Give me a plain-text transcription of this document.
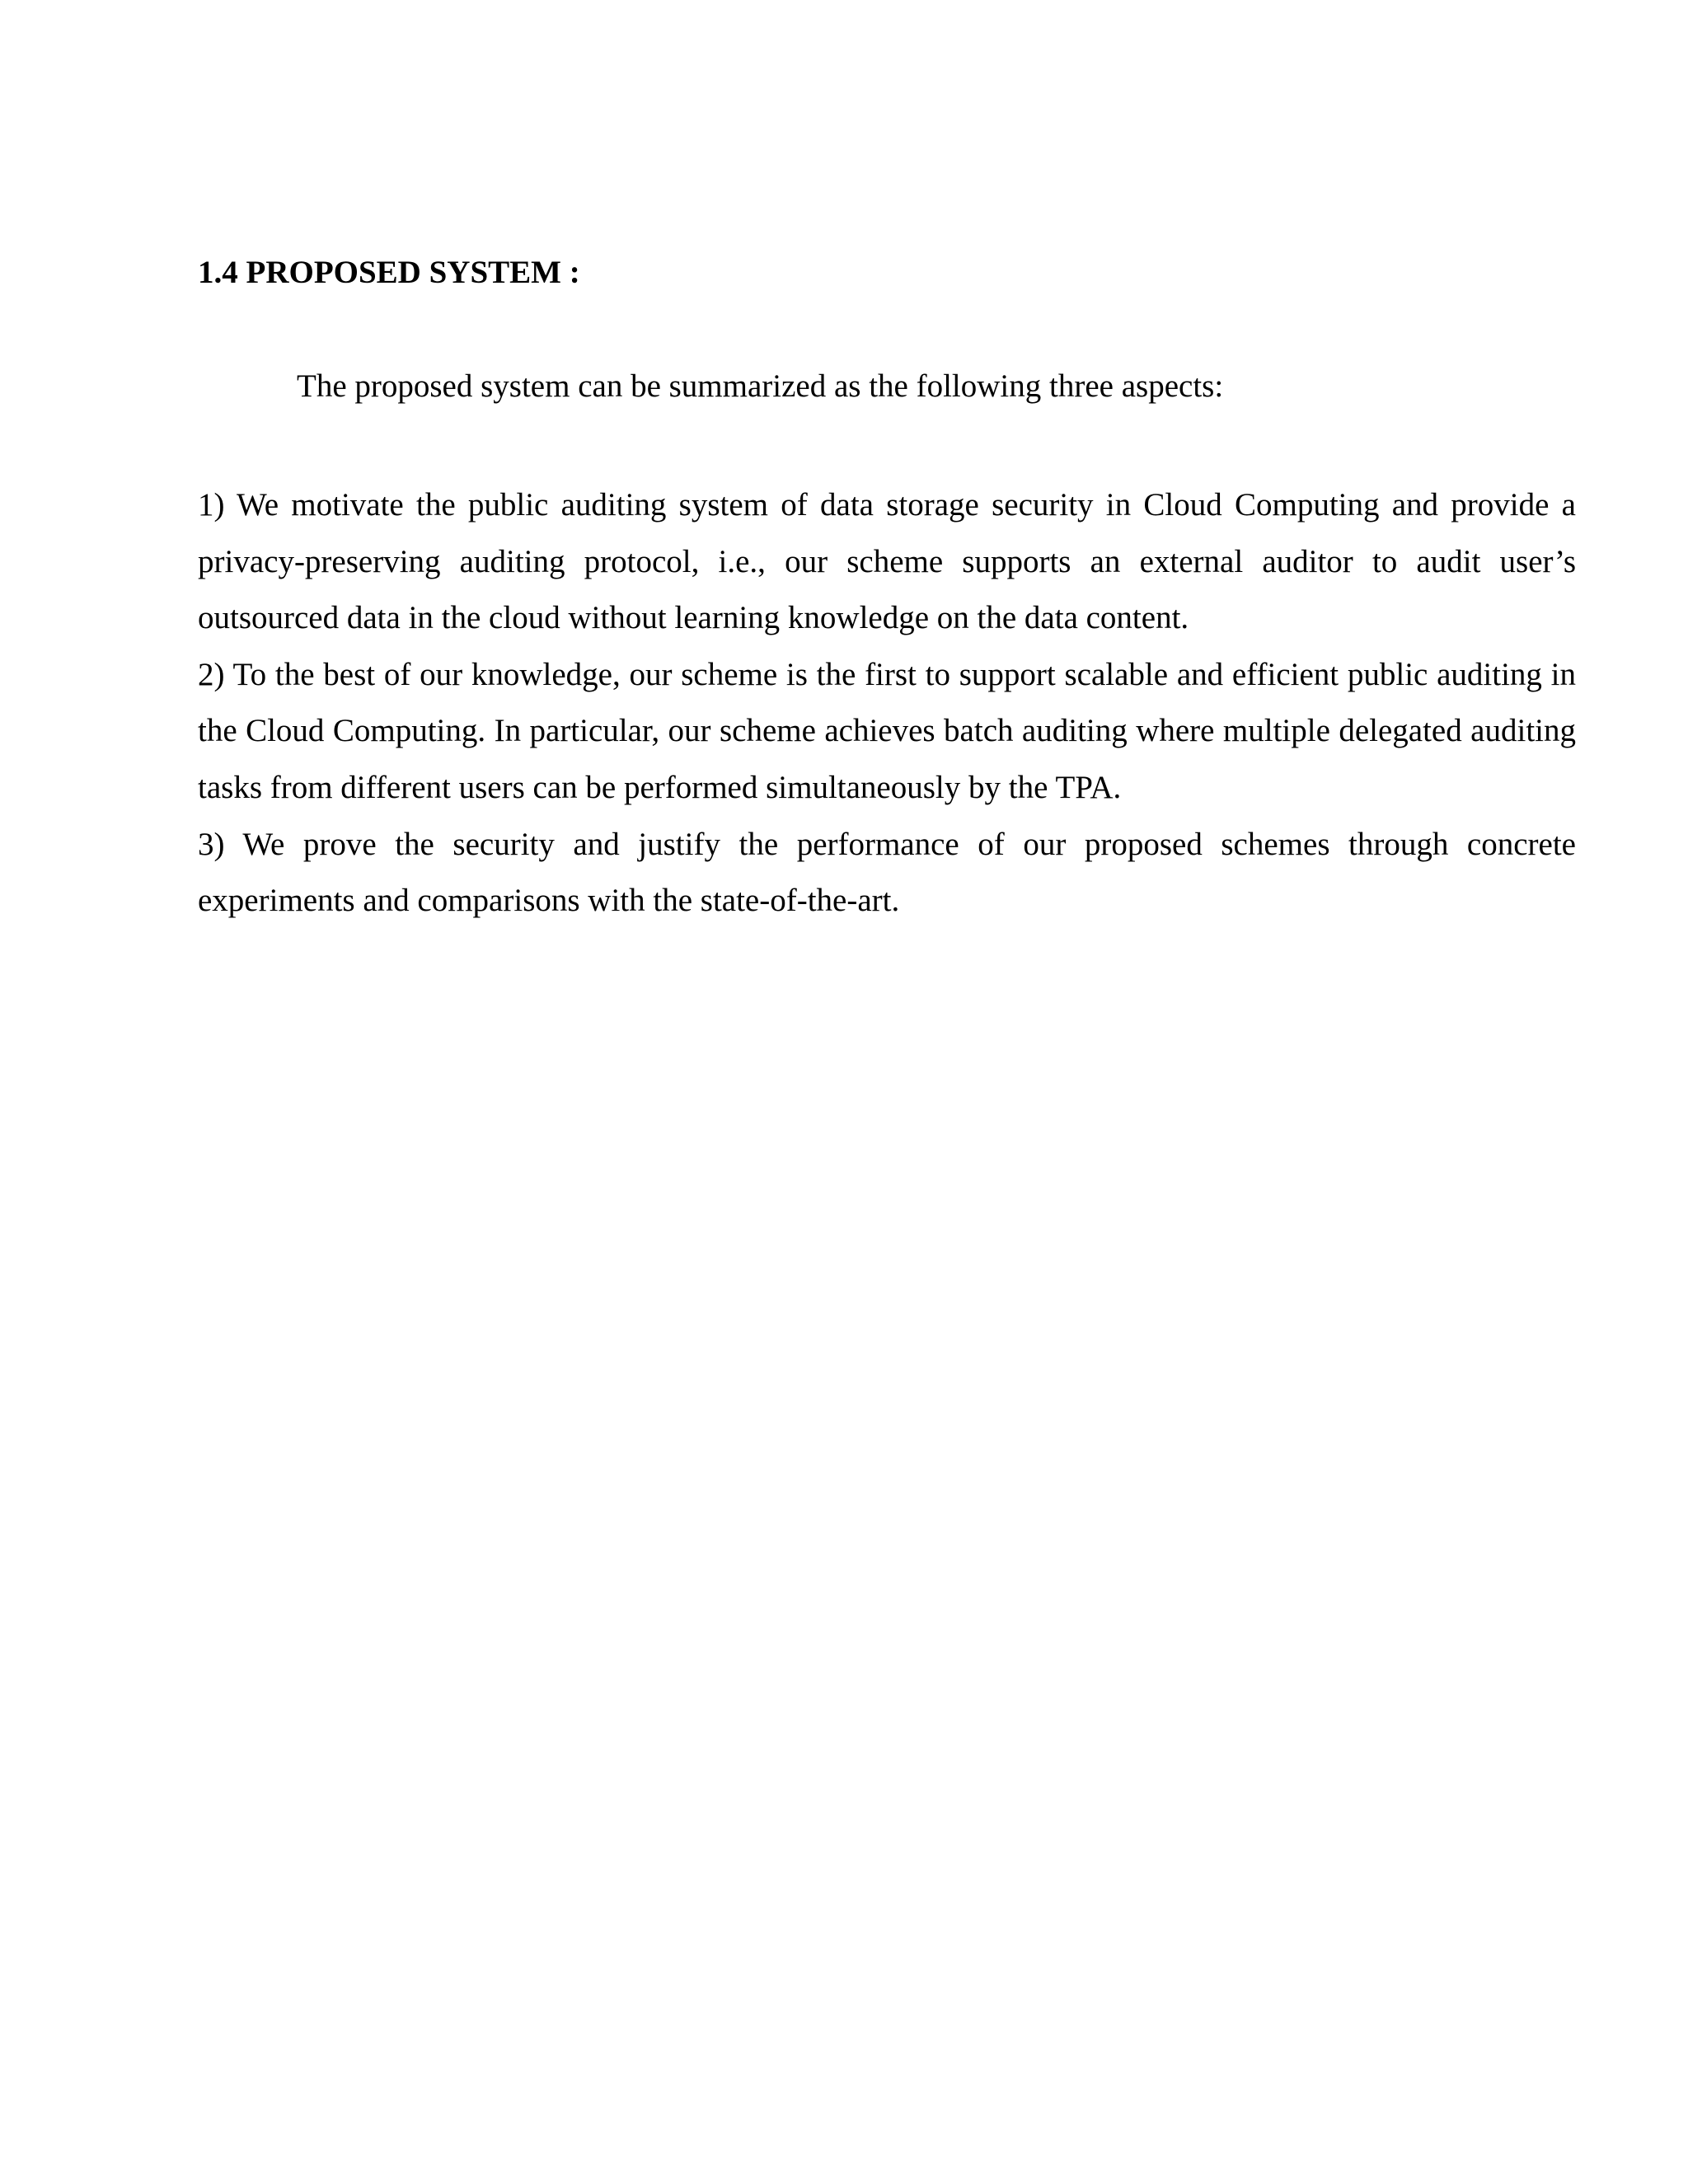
1.4 PROPOSED SYSTEM :

The proposed system can be summarized as the following three aspects:

1) We motivate the public auditing system of data storage security in Cloud Computing and provide a privacy-preserving auditing protocol, i.e., our scheme supports an external auditor to audit user’s outsourced data in the cloud without learning knowledge on the data content.
2) To the best of our knowledge, our scheme is the first to support scalable and efficient public auditing in the Cloud Computing. In particular, our scheme achieves batch auditing where multiple delegated auditing tasks from different users can be performed simultaneously by the TPA.
3) We prove the security and justify the performance of our proposed schemes through concrete experiments and comparisons with the state-of-the-art.
